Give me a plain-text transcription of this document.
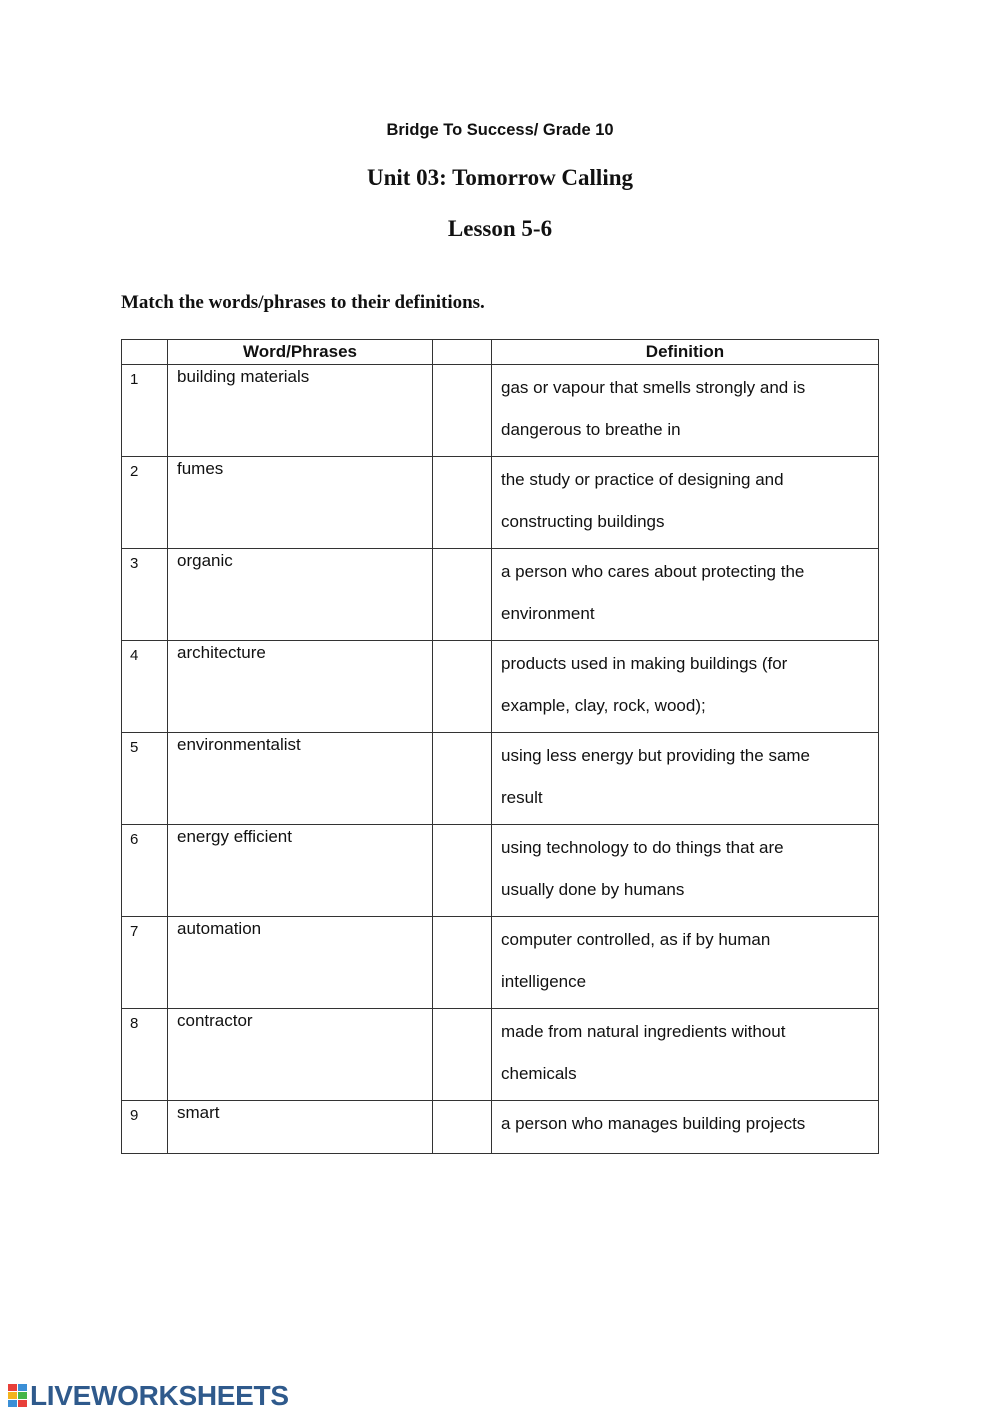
Bridge To Success/ Grade 10
Unit 03: Tomorrow Calling
Lesson 5-6
Match the words/phrases to their definitions.
	Word/Phrases		Definition
1	building materials		gas or vapour that smells strongly and is
dangerous to breathe in

2	fumes		the study or practice of designing and
constructing buildings

3	organic		a person who cares about protecting the
environment

4	architecture		products used in making buildings (for
example, clay, rock, wood);

5	environmentalist		using less energy but providing the same
result

6	energy efficient		using technology to do things that are
usually done by humans

7	automation		computer controlled, as if by human
intelligence

8	contractor		made from natural ingredients without
chemicals

9	smart		a person who manages building projects
LIVEWORKSHEETS
